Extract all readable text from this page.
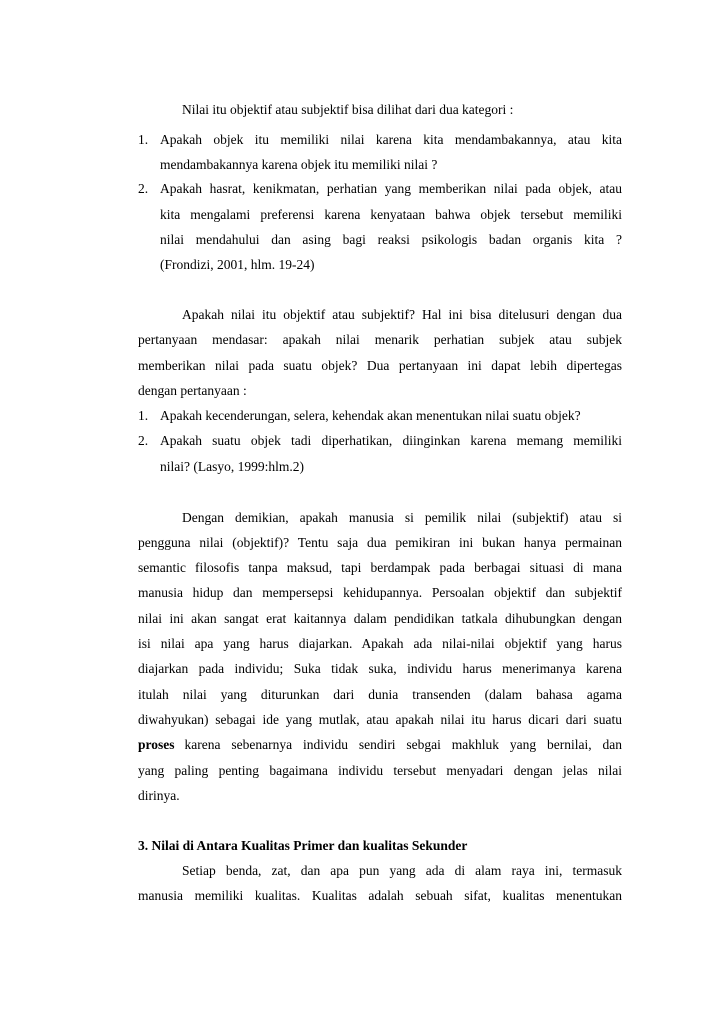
Nilai itu objektif atau subjektif bisa dilihat dari dua kategori :
1. Apakah objek itu memiliki nilai karena kita mendambakannya, atau kita
mendambakannya karena objek itu memiliki nilai ?
2. Apakah hasrat, kenikmatan, perhatian yang memberikan nilai pada objek, atau
kita mengalami preferensi karena kenyataan bahwa objek tersebut memiliki
nilai mendahului dan asing bagi reaksi psikologis badan organis kita ?
(Frondizi, 2001, hlm. 19-24)
Apakah nilai itu objektif atau subjektif? Hal ini bisa ditelusuri dengan dua
pertanyaan mendasar: apakah nilai menarik perhatian subjek atau subjek
memberikan nilai pada suatu objek? Dua pertanyaan ini dapat lebih dipertegas
dengan pertanyaan :
1. Apakah kecenderungan, selera, kehendak akan menentukan nilai suatu objek?
2. Apakah suatu objek tadi diperhatikan, diinginkan karena memang memiliki
nilai? (Lasyo, 1999:hlm.2)
Dengan demikian, apakah manusia si pemilik nilai (subjektif) atau si
pengguna nilai (objektif)? Tentu saja dua pemikiran ini bukan hanya permainan
semantic filosofis tanpa maksud, tapi berdampak pada berbagai situasi di mana
manusia hidup dan mempersepsi kehidupannya. Persoalan objektif dan subjektif
nilai ini akan sangat erat kaitannya dalam pendidikan tatkala dihubungkan dengan
isi nilai apa yang harus diajarkan. Apakah ada nilai-nilai objektif yang harus
diajarkan pada individu; Suka tidak suka, individu harus menerimanya karena
itulah nilai yang diturunkan dari dunia transenden (dalam bahasa agama
diwahyukan) sebagai ide yang mutlak, atau apakah nilai itu harus dicari dari suatu
proses karena sebenarnya individu sendiri sebgai makhluk yang bernilai, dan
yang paling penting bagaimana individu tersebut menyadari dengan jelas nilai
dirinya.
3. Nilai di Antara Kualitas Primer dan kualitas Sekunder
Setiap benda, zat, dan apa pun yang ada di alam raya ini, termasuk
manusia memiliki kualitas. Kualitas adalah sebuah sifat, kualitas menentukan
